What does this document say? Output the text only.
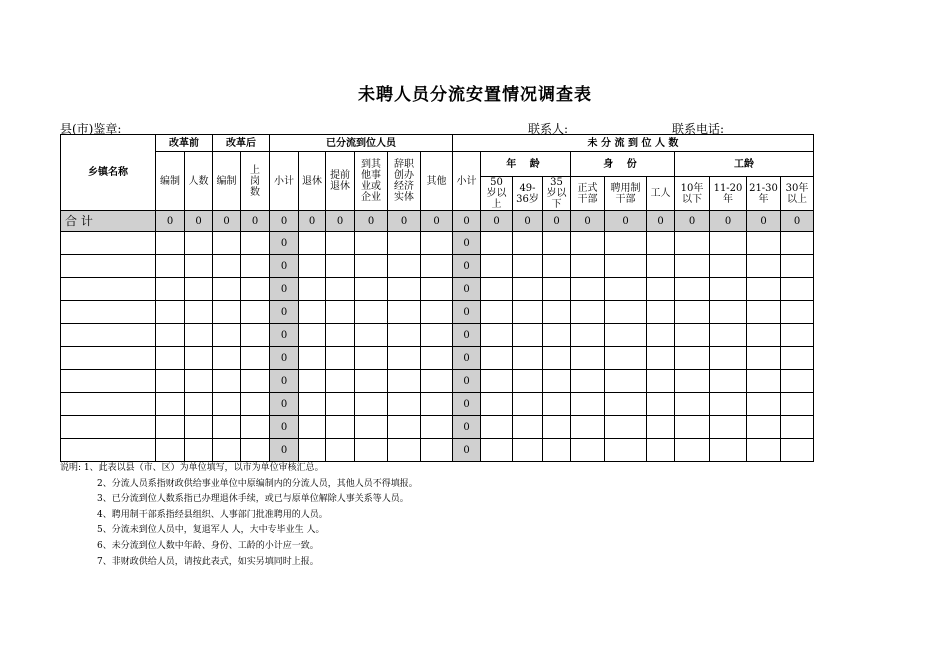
未聘人员分流安置情况调查表
县(市)鉴章:	联系人:	联系电话:
乡镇名称	改革前		改革后		已分流到位人员						未 分 流 到 位 人 数										
	编制	人数	编制	上岗数	小计	退休	提前退休	到其他事业或企业	辞职创办经济实体	其他	小计	年 龄			身 份			工龄			
												50岁以上	49-36岁	35岁以下	正式干部	聘用制干部	工人	10年以下	11-20年	21-30年	30年以上
合 计	0	0	0	0	0	0	0	0	0	0	0	0	0	0	0	0	0	0	0	0	0
					0						0										
					0						0										
					0						0										
					0						0										
					0						0										
					0						0										
					0						0										
					0						0										
					0						0										
					0						0										
说明: 1、此表以县（市、区）为单位填写，以市为单位审核汇总。
2、分流人员系指财政供给事业单位中原编制内的分流人员，其他人员不得填报。
3、已分流到位人数系指已办理退休手续，或已与原单位解除人事关系等人员。
4、聘用制干部系指经县组织、人事部门批准聘用的人员。
5、分流未到位人员中，复退军人 人，大中专毕业生 人。
6、未分流到位人数中年龄、身份、工龄的小计应一致。
7、非财政供给人员，请按此表式，如实另填同时上报。
